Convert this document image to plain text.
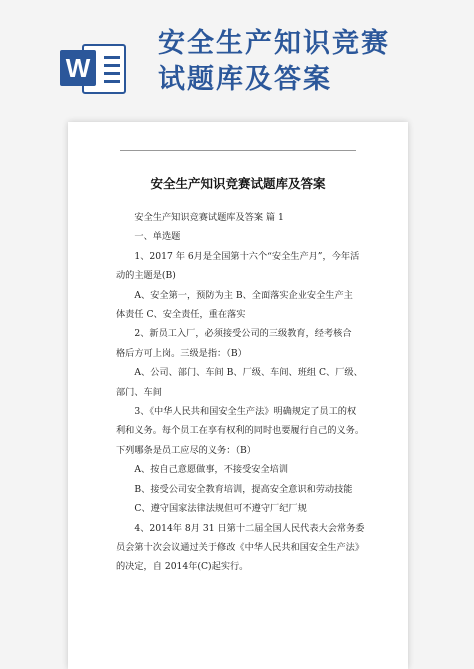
W
安全生产知识竞赛
试题库及答案
安全生产知识竞赛试题库及答案

安全生产知识竞赛试题库及答案 篇 1

一、单选题

1、2017 年 6月是全国第十六个“安全生产月”，今年活

动的主题是(B)

A、安全第一，预防为主 B、全面落实企业安全生产主

体责任 C、安全责任，重在落实

2、新员工入厂，必须接受公司的三级教育，经考核合

格后方可上岗。三级是指：（B）

A、公司、部门、车间 B、厂级、车间、班组 C、厂级、

部门、车间

3、《中华人民共和国安全生产法》明确规定了员工的权

利和义务。每个员工在享有权利的同时也要履行自己的义务。

下列哪条是员工应尽的义务：（B）

A、按自己意愿做事，不接受安全培训

B、接受公司安全教育培训，提高安全意识和劳动技能

C、遵守国家法律法规但可不遵守厂纪厂规

4、2014年 8月 31 日第十二届全国人民代表大会常务委

员会第十次会议通过关于修改《中华人民共和国安全生产法》

的决定，自 2014年(C)起实行。
